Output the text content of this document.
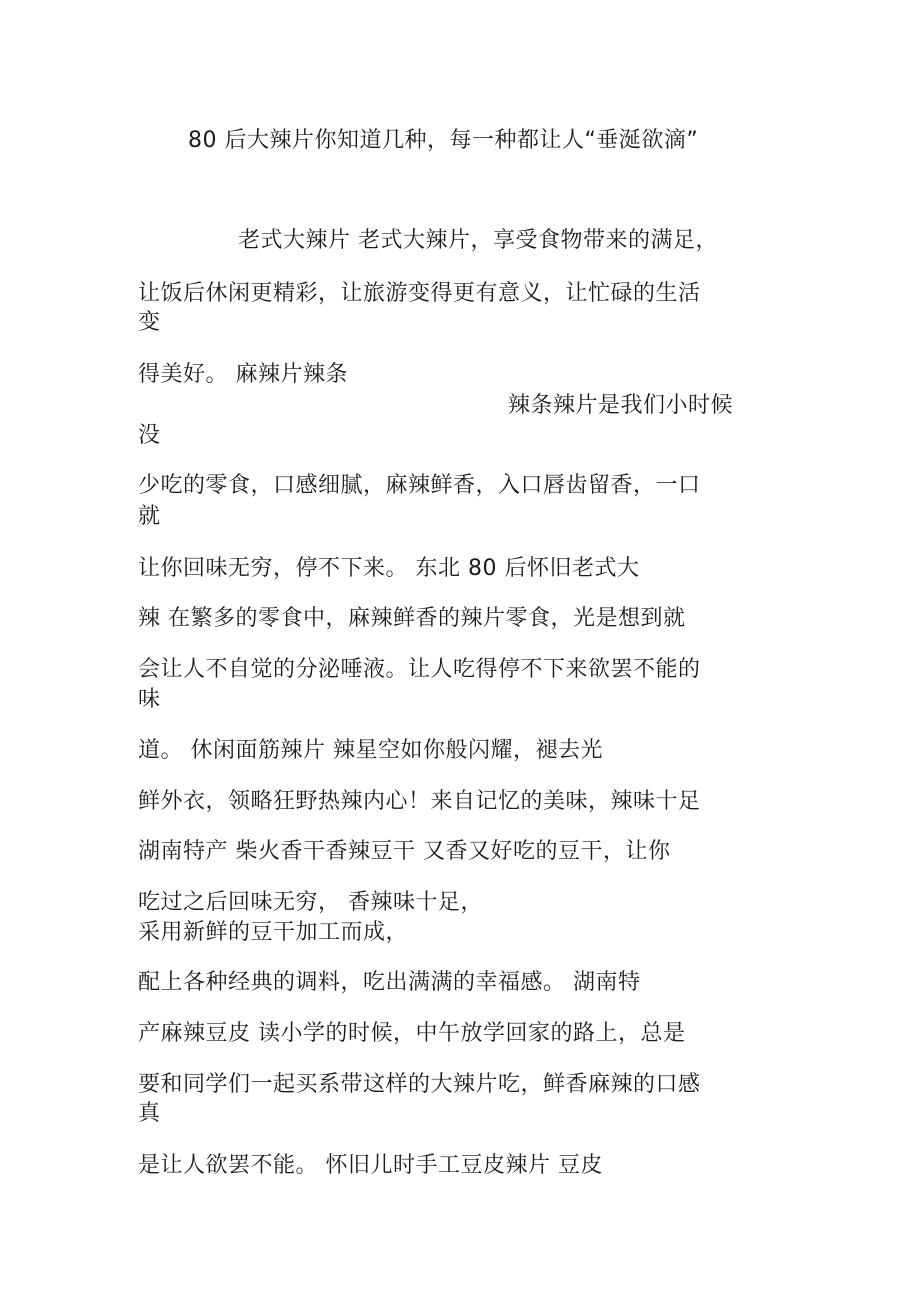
80 后大辣片你知道几种，每一种都让人“垂涎欲滴”
老式大辣片 老式大辣片，享受食物带来的满足，
让饭后休闲更精彩，让旅游变得更有意义，让忙碌的生活
变
得美好。 麻辣片辣条
辣条辣片是我们小时候
没
少吃的零食，口感细腻，麻辣鲜香，入口唇齿留香，一口
就
让你回味无穷，停不下来。 东北 80 后怀旧老式大
辣 在繁多的零食中，麻辣鲜香的辣片零食，光是想到就
会让人不自觉的分泌唾液。让人吃得停不下来欲罢不能的
味
道。 休闲面筋辣片 辣星空如你般闪耀，褪去光
鲜外衣，领略狂野热辣内心！来自记忆的美味，辣味十足
湖南特产 柴火香干香辣豆干 又香又好吃的豆干，让你
吃过之后回味无穷， 香辣味十足，
采用新鲜的豆干加工而成，
配上各种经典的调料，吃出满满的幸福感。 湖南特
产麻辣豆皮 读小学的时候，中午放学回家的路上，总是
要和同学们一起买系带这样的大辣片吃，鲜香麻辣的口感
真
是让人欲罢不能。 怀旧儿时手工豆皮辣片 豆皮
